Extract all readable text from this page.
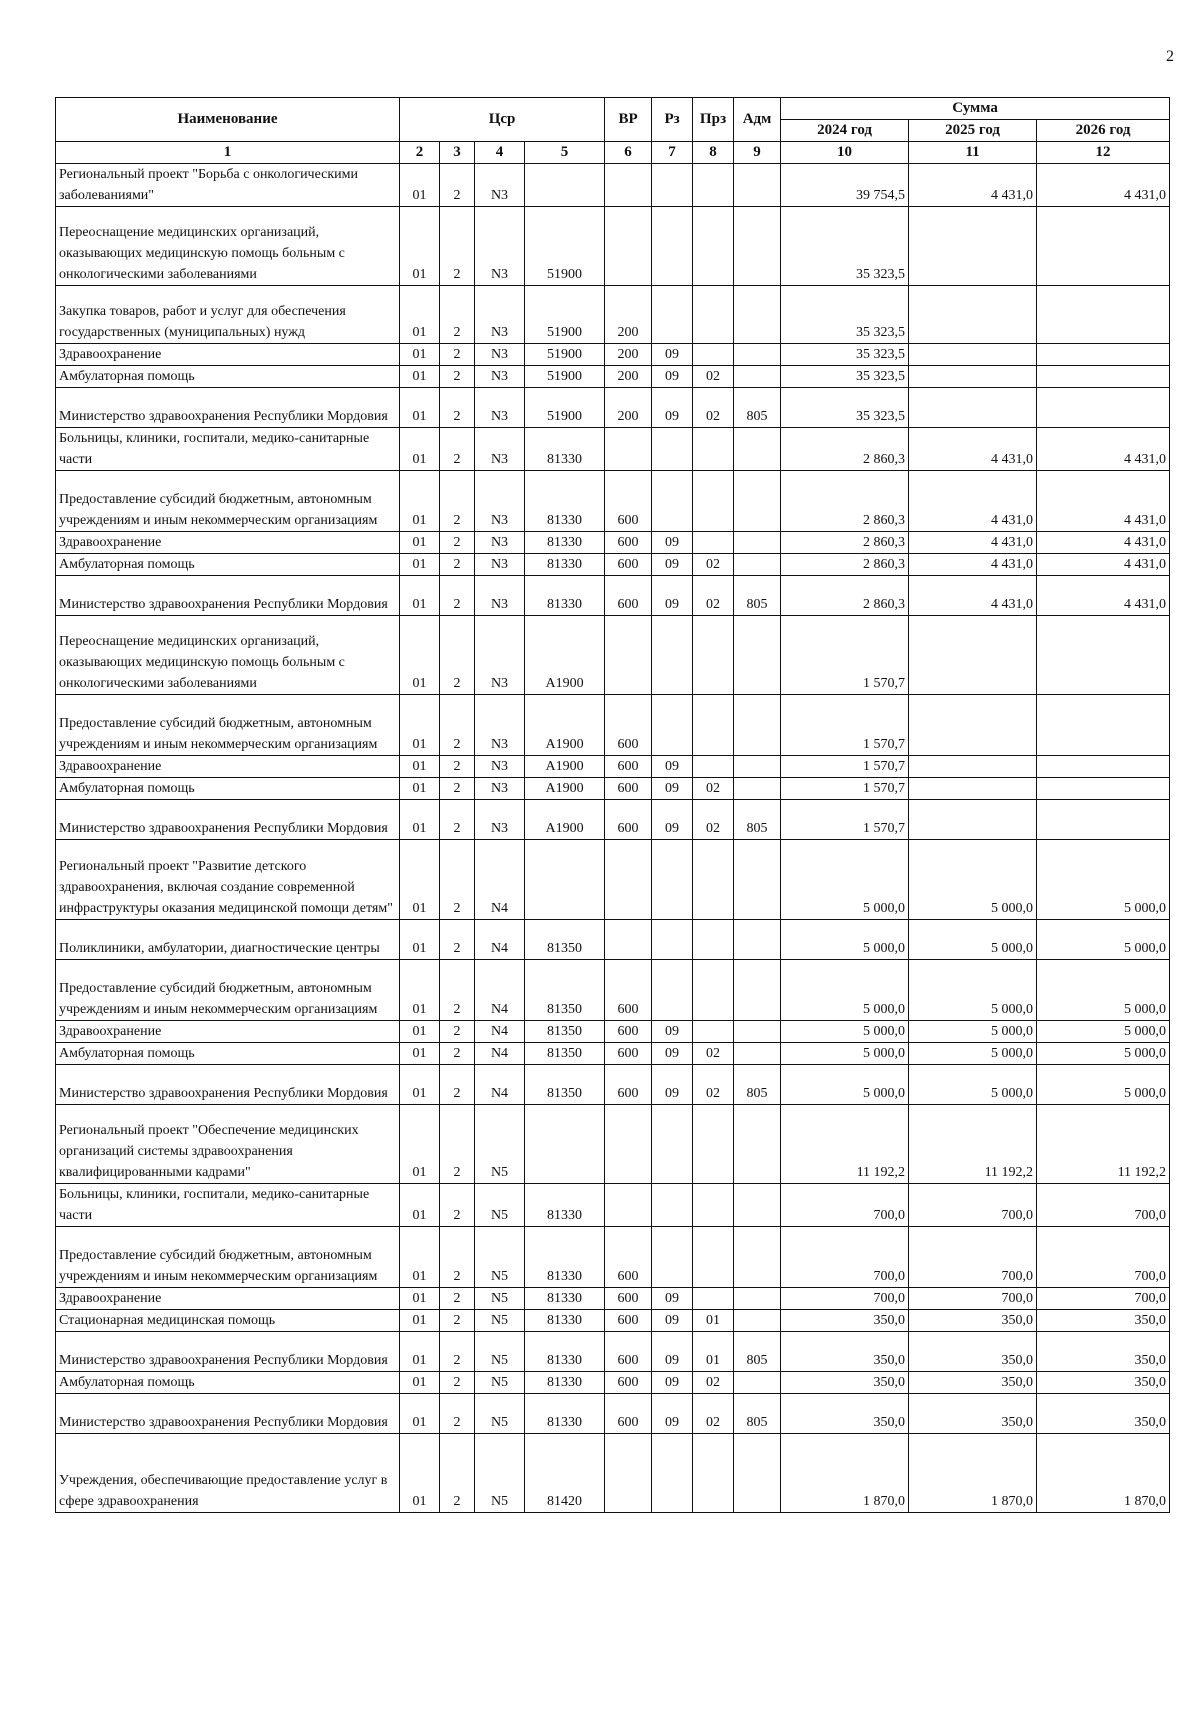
2
Наименование	Цср				ВР	Рз	Прз	Адм	Сумма		
									2024 год	2025 год	2026 год
1	2	3	4	5	6	7	8	9	10	11	12
Региональный проект "Борьба с онкологическими заболеваниями"	01	2	N3						39 754,5	4 431,0	4 431,0
Переоснащение медицинских организаций, оказывающих медицинскую помощь больным с онкологическими заболеваниями	01	2	N3	51900					35 323,5		
Закупка товаров, работ и услуг для обеспечения государственных (муниципальных) нужд	01	2	N3	51900	200				35 323,5		
Здравоохранение	01	2	N3	51900	200	09			35 323,5		
Амбулаторная помощь	01	2	N3	51900	200	09	02		35 323,5		
Министерство здравоохранения Республики Мордовия	01	2	N3	51900	200	09	02	805	35 323,5		
Больницы, клиники, госпитали, медико-санитарные части	01	2	N3	81330					2 860,3	4 431,0	4 431,0
Предоставление субсидий бюджетным, автономным учреждениям и иным некоммерческим организациям	01	2	N3	81330	600				2 860,3	4 431,0	4 431,0
Здравоохранение	01	2	N3	81330	600	09			2 860,3	4 431,0	4 431,0
Амбулаторная помощь	01	2	N3	81330	600	09	02		2 860,3	4 431,0	4 431,0
Министерство здравоохранения Республики Мордовия	01	2	N3	81330	600	09	02	805	2 860,3	4 431,0	4 431,0
Переоснащение медицинских организаций, оказывающих медицинскую помощь больным с онкологическими заболеваниями	01	2	N3	A1900					1 570,7		
Предоставление субсидий бюджетным, автономным учреждениям и иным некоммерческим организациям	01	2	N3	A1900	600				1 570,7		
Здравоохранение	01	2	N3	A1900	600	09			1 570,7		
Амбулаторная помощь	01	2	N3	A1900	600	09	02		1 570,7		
Министерство здравоохранения Республики Мордовия	01	2	N3	A1900	600	09	02	805	1 570,7		
Региональный проект "Развитие детского здравоохранения, включая создание современной инфраструктуры оказания медицинской помощи детям"	01	2	N4						5 000,0	5 000,0	5 000,0
Поликлиники, амбулатории, диагностические центры	01	2	N4	81350					5 000,0	5 000,0	5 000,0
Предоставление субсидий бюджетным, автономным учреждениям и иным некоммерческим организациям	01	2	N4	81350	600				5 000,0	5 000,0	5 000,0
Здравоохранение	01	2	N4	81350	600	09			5 000,0	5 000,0	5 000,0
Амбулаторная помощь	01	2	N4	81350	600	09	02		5 000,0	5 000,0	5 000,0
Министерство здравоохранения Республики Мордовия	01	2	N4	81350	600	09	02	805	5 000,0	5 000,0	5 000,0
Региональный проект "Обеспечение медицинских организаций системы здравоохранения квалифицированными кадрами"	01	2	N5						11 192,2	11 192,2	11 192,2
Больницы, клиники, госпитали, медико-санитарные части	01	2	N5	81330					700,0	700,0	700,0
Предоставление субсидий бюджетным, автономным учреждениям и иным некоммерческим организациям	01	2	N5	81330	600				700,0	700,0	700,0
Здравоохранение	01	2	N5	81330	600	09			700,0	700,0	700,0
Стационарная медицинская помощь	01	2	N5	81330	600	09	01		350,0	350,0	350,0
Министерство здравоохранения Республики Мордовия	01	2	N5	81330	600	09	01	805	350,0	350,0	350,0
Амбулаторная помощь	01	2	N5	81330	600	09	02		350,0	350,0	350,0
Министерство здравоохранения Республики Мордовия	01	2	N5	81330	600	09	02	805	350,0	350,0	350,0
Учреждения, обеспечивающие предоставление услуг в сфере здравоохранения	01	2	N5	81420					1 870,0	1 870,0	1 870,0
